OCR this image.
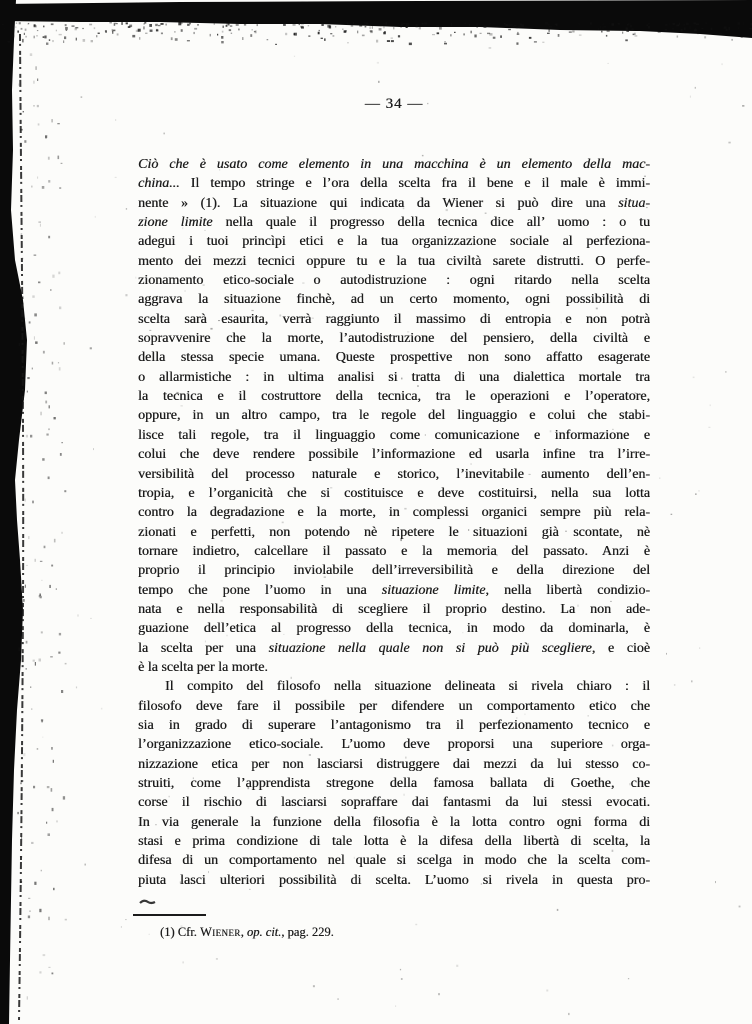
— 34 —
Ciò che è usato come elemento in una macchina è un elemento della mac-
china... Il tempo stringe e l’ora della scelta fra il bene e il male è immi-
nente » (1). La situazione qui indicata da Wiener si può dire una situa-
zione limite nella quale il progresso della tecnica dice all’ uomo : o tu
adegui i tuoi princìpi etici e la tua organizzazione sociale al perfeziona-
mento dei mezzi tecnici oppure tu e la tua civiltà sarete distrutti. O perfe-
zionamento etico-sociale o autodistruzione : ogni ritardo nella scelta
aggrava la situazione finchè, ad un certo momento, ogni possibilità di
scelta sarà esaurita, verrà raggiunto il massimo di entropia e non potrà
sopravvenire che la morte, l’autodistruzione del pensiero, della civiltà e
della stessa specie umana. Queste prospettive non sono affatto esagerate
o allarmistiche : in ultima analisi si tratta di una dialettica mortale tra
la tecnica e il costruttore della tecnica, tra le operazioni e l’operatore,
oppure, in un altro campo, tra le regole del linguaggio e colui che stabi-
lisce tali regole, tra il linguaggio come comunicazione e informazione e
colui che deve rendere possibile l’informazione ed usarla infine tra l’irre-
versibilità del processo naturale e storico, l’inevitabile aumento dell’en-
tropia, e l’organicità che si costituisce e deve costituirsi, nella sua lotta
contro la degradazione e la morte, in complessi organici sempre più rela-
zionati e perfetti, non potendo nè ripetere le situazioni già scontate, nè
tornare indietro, calcellare il passato e la memoria del passato. Anzi è
proprio il principio inviolabile dell’irreversibilità e della direzione del
tempo che pone l’uomo in una situazione limite, nella libertà condizio-
nata e nella responsabilità di scegliere il proprio destino. La non ade-
guazione dell’etica al progresso della tecnica, in modo da dominarla, è
la scelta per una situazione nella quale non si può più scegliere, e cioè
è la scelta per la morte.
Il compito del filosofo nella situazione delineata si rivela chiaro : il
filosofo deve fare il possibile per difendere un comportamento etico che
sia in grado di superare l’antagonismo tra il perfezionamento tecnico e
l’organizzazione etico-sociale. L’uomo deve proporsi una superiore orga-
nizzazione etica per non lasciarsi distruggere dai mezzi da lui stesso co-
struiti, come l’apprendista stregone della famosa ballata di Goethe, che
corse il rischio di lasciarsi sopraffare dai fantasmi da lui stessi evocati.
In via generale la funzione della filosofia è la lotta contro ogni forma di
stasi e prima condizione di tale lotta è la difesa della libertà di scelta, la
difesa di un comportamento nel quale si scelga in modo che la scelta com-
piuta lasci ulteriori possibilità di scelta. L’uomo si rivela in questa pro-
(1) Cfr. Wiener, op. cit., pag. 229.
